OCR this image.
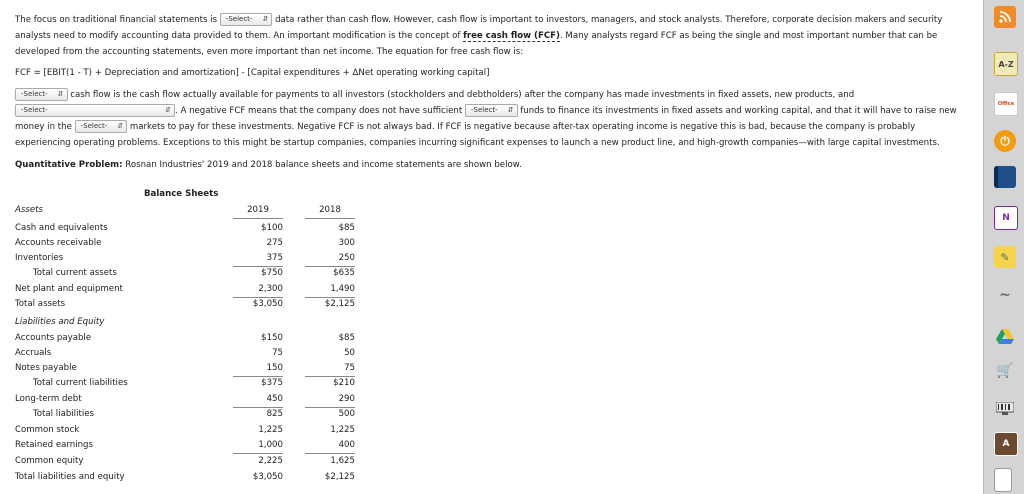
The focus on traditional financial statements is -Select- ⇵ data rather than cash flow. However, cash flow is important to investors, managers, and stock analysts. Therefore, corporate decision makers and security analysts need to modify accounting data provided to them. An important modification is the concept of free cash flow (FCF). Many analysts regard FCF as being the single and most important number that can be developed from the accounting statements, even more important than net income. The equation for free cash flow is:

FCF = [EBIT(1 - T) + Depreciation and amortization] - [Capital expenditures + ΔNet operating working capital]

-Select- ⇵ cash flow is the cash flow actually available for payments to all investors (stockholders and debtholders) after the company has made investments in fixed assets, new products, and -Select-	⇵ . A negative FCF means that the company does not have sufficient -Select- ⇵ funds to finance its investments in fixed assets and working capital, and that it will have to raise new money in the -Select- ⇵ markets to pay for these investments. Negative FCF is not always bad. If FCF is negative because after-tax operating income is negative this is bad, because the company is probably experiencing operating problems. Exceptions to this might be startup companies, companies incurring significant expenses to launch a new product line, and high-growth companies—with large capital investments.

Quantitative Problem: Rosnan Industries' 2019 and 2018 balance sheets and income statements are shown below.

Balance Sheets
Assets	2019	2018
Cash and equivalents	$100	$85
Accounts receivable	275	300
Inventories	375	250
Total current assets	$750	$635
Net plant and equipment	2,300	1,490
Total assets	$3,050	$2,125
Liabilities and Equity
Accounts payable	$150	$85
Accruals	75	50
Notes payable	150	75
Total current liabilities	$375	$210
Long-term debt	450	290
Total liabilities	825	500
Common stock	1,225	1,225
Retained earnings	1,000	400
Common equity	2,225	1,625
Total liabilities and equity	$3,050	$2,125
A-Z
Office
⏻
N
✎
∼
🛒
A
